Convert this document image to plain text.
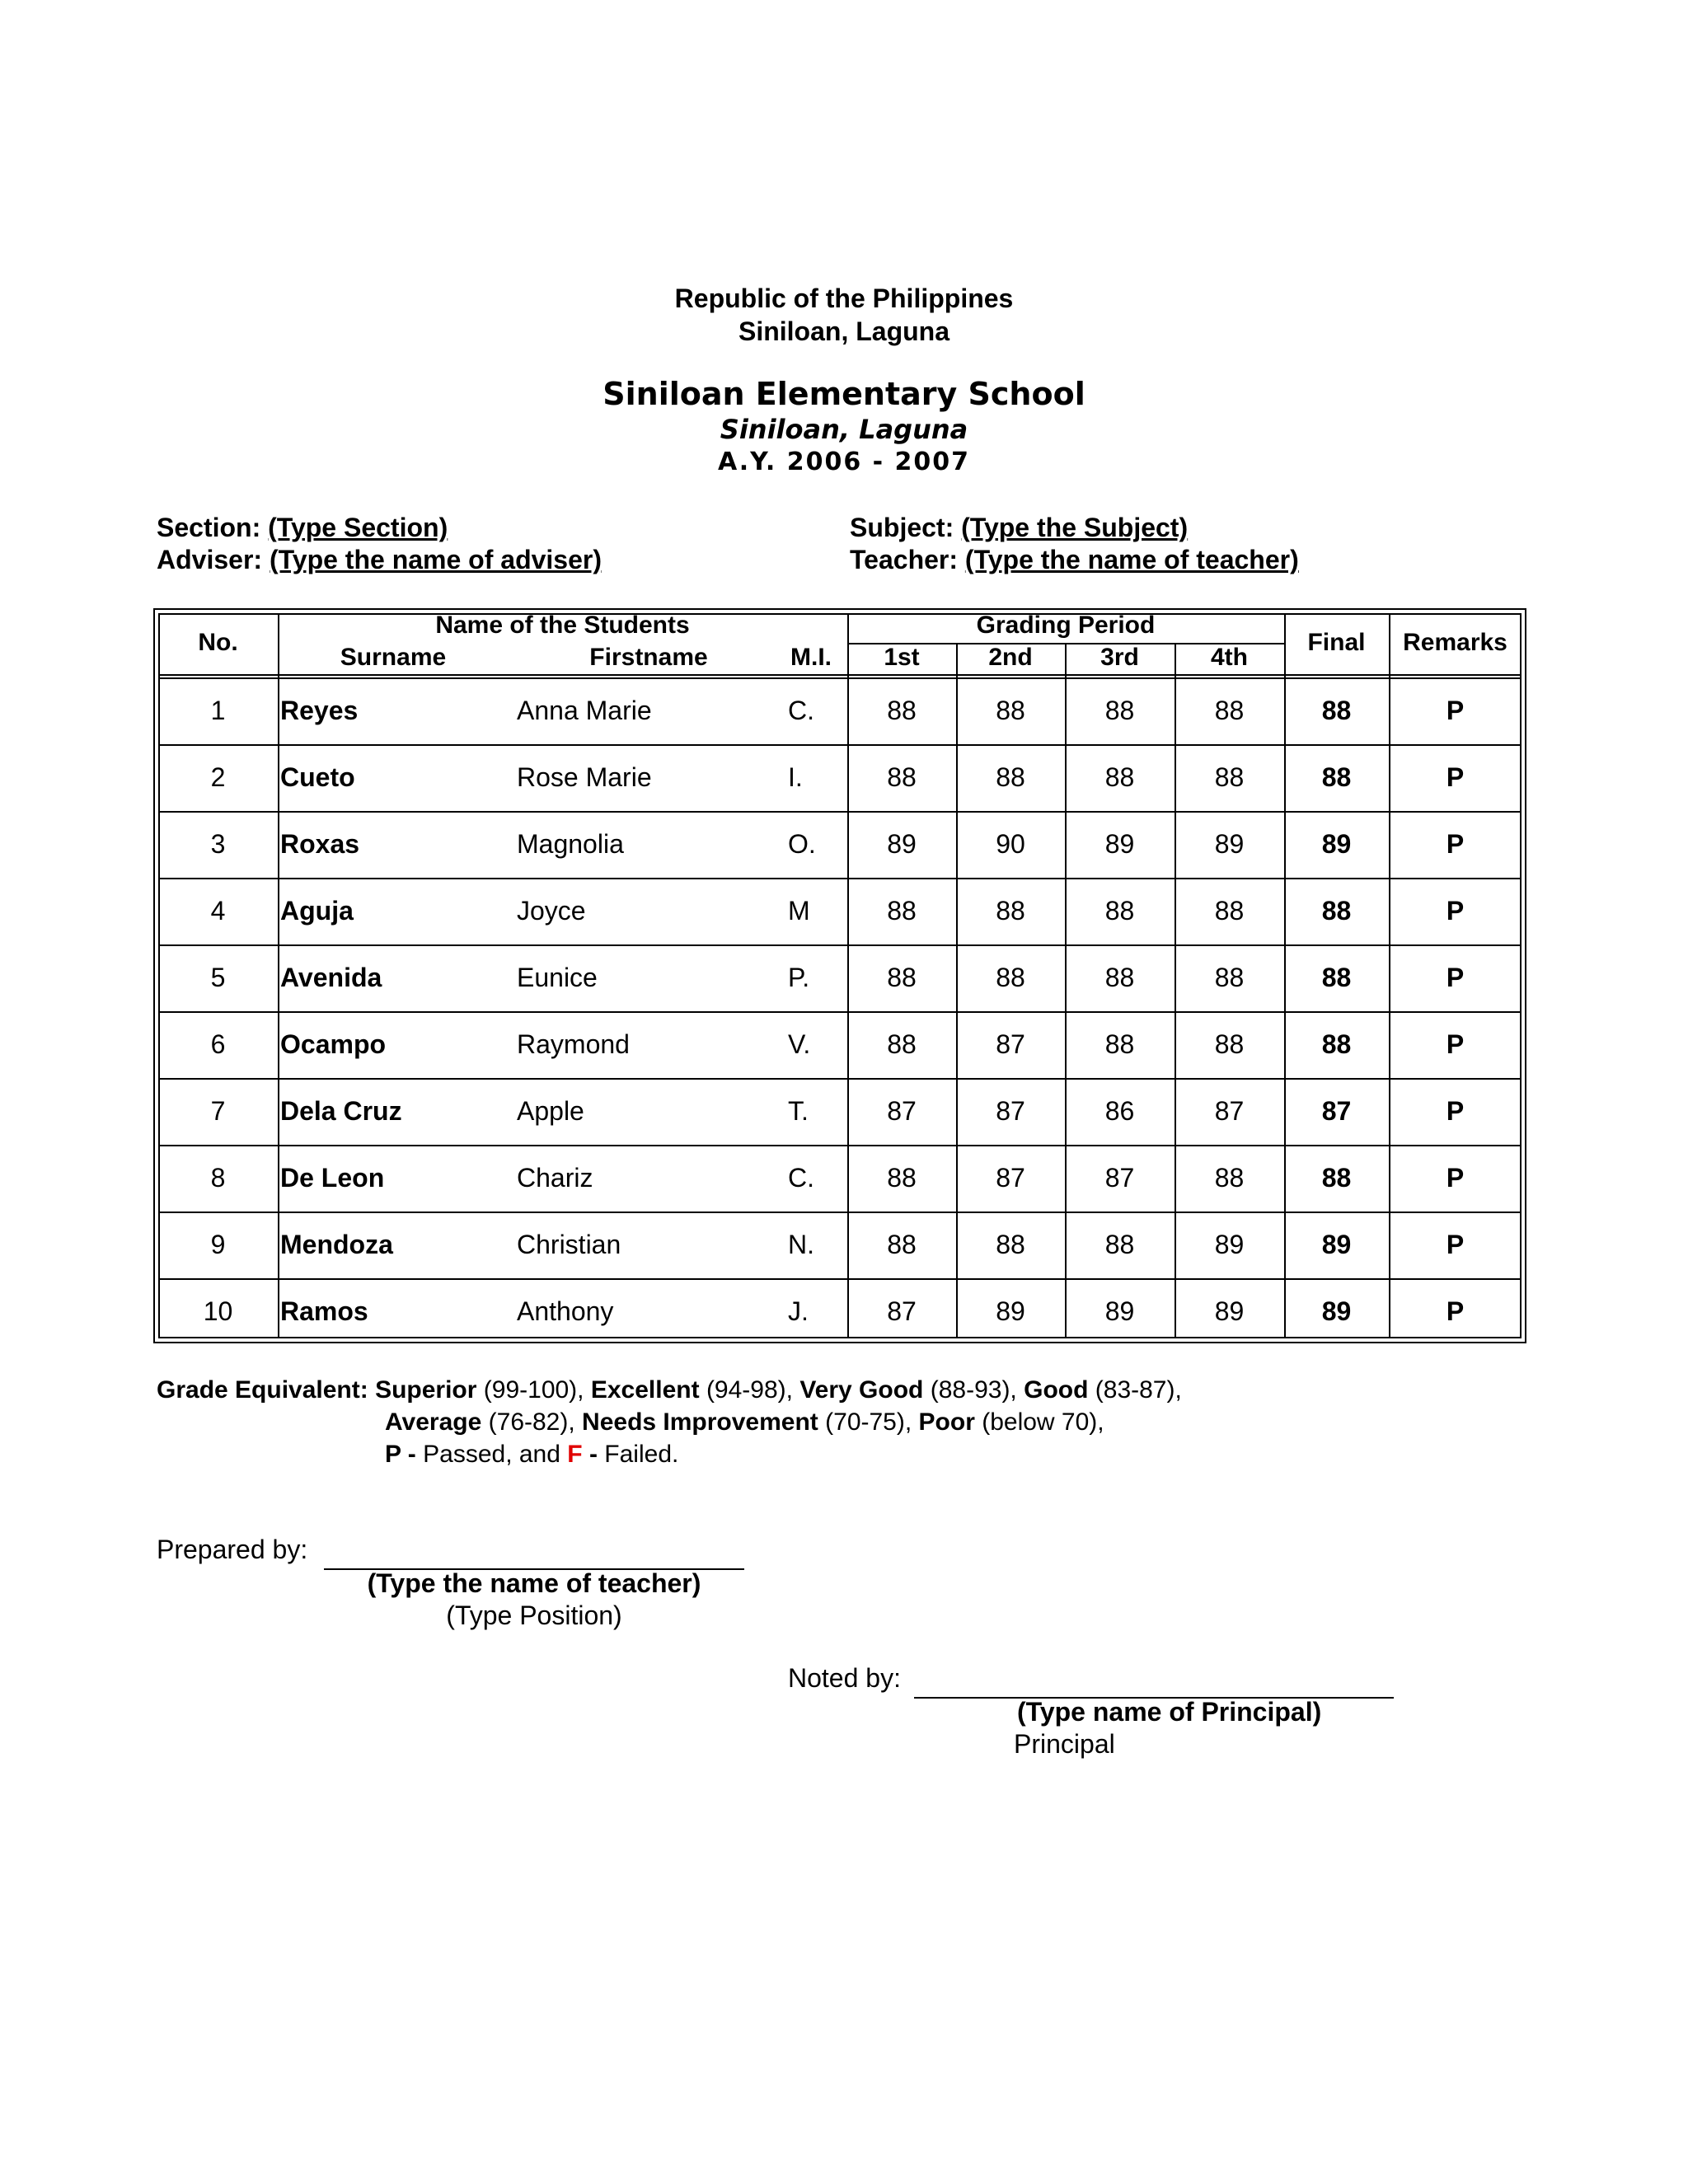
Republic of the Philippines
Siniloan, Laguna
Siniloan Elementary School
Siniloan, Laguna
A.Y. 2006 - 2007
Section: (Type Section)
Adviser: (Type the name of adviser)
Subject: (Type the Subject)
Teacher: (Type the name of teacher)
No.
Name of the Students
Surname	Firstname	M.I.
Grading Period
1st	2nd	3rd	4th
Final	Remarks
1	Reyes	Anna Marie	C.	88	88	88	88	88	P
2	Cueto	Rose Marie	I.	88	88	88	88	88	P
3	Roxas	Magnolia	O.	89	90	89	89	89	P
4	Aguja	Joyce	M	88	88	88	88	88	P
5	Avenida	Eunice	P.	88	88	88	88	88	P
6	Ocampo	Raymond	V.	88	87	88	88	88	P
7	Dela Cruz	Apple	T.	87	87	86	87	87	P
8	De Leon	Chariz	C.	88	87	87	88	88	P
9	Mendoza	Christian	N.	88	88	88	89	89	P
10	Ramos	Anthony	J.	87	89	89	89	89	P
Grade Equivalent: Superior (99-100), Excellent (94-98), Very Good (88-93), Good (83-87),
Average (76-82), Needs Improvement (70-75), Poor (below 70),
P - Passed, and F - Failed.
Prepared by:
(Type the name of teacher)
(Type Position)
Noted by:
(Type name of Principal)
Principal
